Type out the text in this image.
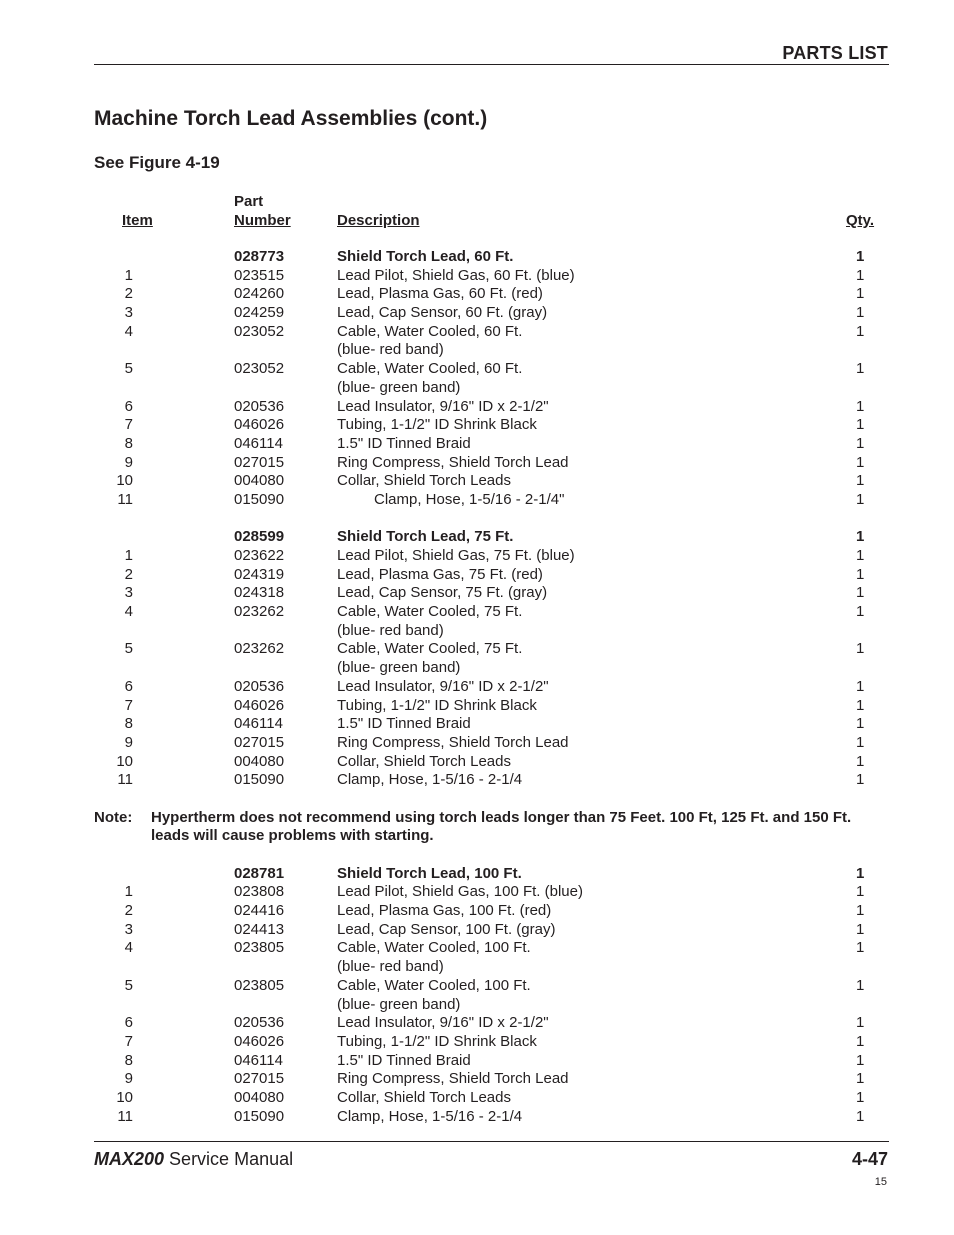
PARTS LIST
Machine Torch Lead Assemblies (cont.)
See Figure 4-19
Item
Part
Number	Description	Qty.
028773	Shield Torch Lead, 60 Ft.	1
1	023515	Lead Pilot, Shield Gas, 60 Ft. (blue)	1
2	024260	Lead, Plasma Gas, 60 Ft. (red)	1
3	024259	Lead, Cap Sensor, 60 Ft. (gray)	1
4	023052	Cable, Water Cooled, 60 Ft.	1
(blue- red band)
5	023052	Cable, Water Cooled, 60 Ft.	1
(blue- green band)
6	020536	Lead Insulator, 9/16" ID x 2-1/2"	1
7	046026	Tubing, 1-1/2" ID Shrink Black	1
8	046114	1.5" ID Tinned Braid	1
9	027015	Ring Compress, Shield Torch Lead	1
10	004080	Collar, Shield Torch Leads	1
11	015090	Clamp, Hose, 1-5/16 - 2-1/4"	1
028599	Shield Torch Lead, 75 Ft.	1
1	023622	Lead Pilot, Shield Gas, 75 Ft. (blue)	1
2	024319	Lead, Plasma Gas, 75 Ft. (red)	1
3	024318	Lead, Cap Sensor, 75 Ft. (gray)	1
4	023262	Cable, Water Cooled, 75 Ft.	1
(blue- red band)
5	023262	Cable, Water Cooled, 75 Ft.	1
(blue- green band)
6	020536	Lead Insulator, 9/16" ID x 2-1/2"	1
7	046026	Tubing, 1-1/2" ID Shrink Black	1
8	046114	1.5" ID Tinned Braid	1
9	027015	Ring Compress, Shield Torch Lead	1
10	004080	Collar, Shield Torch Leads	1
11	015090	Clamp, Hose, 1-5/16 - 2-1/4	1
Note: Hypertherm does not recommend using torch leads longer than 75 Feet. 100 Ft, 125 Ft. and 150 Ft. leads will cause problems with starting.
028781	Shield Torch Lead, 100 Ft.	1
1	023808	Lead Pilot, Shield Gas, 100 Ft. (blue)	1
2	024416	Lead, Plasma Gas, 100 Ft. (red)	1
3	024413	Lead, Cap Sensor, 100 Ft. (gray)	1
4	023805	Cable, Water Cooled, 100 Ft.	1
(blue- red band)
5	023805	Cable, Water Cooled, 100 Ft.	1
(blue- green band)
6	020536	Lead Insulator, 9/16" ID x 2-1/2"	1
7	046026	Tubing, 1-1/2" ID Shrink Black	1
8	046114	1.5" ID Tinned Braid	1
9	027015	Ring Compress, Shield Torch Lead	1
10	004080	Collar, Shield Torch Leads	1
11	015090	Clamp, Hose, 1-5/16 - 2-1/4	1
MAX200 Service Manual	4-47
15
